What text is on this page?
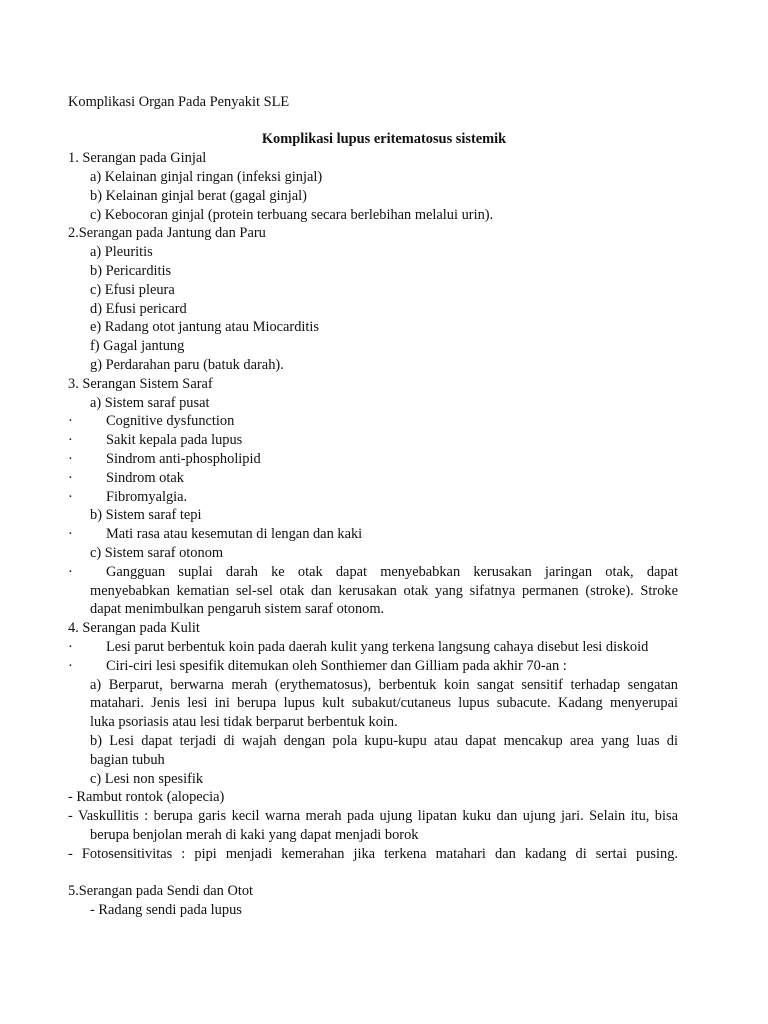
Komplikasi Organ Pada Penyakit SLE
Komplikasi lupus eritematosus sistemik
1. Serangan pada Ginjal
a) Kelainan ginjal ringan (infeksi ginjal)
b) Kelainan ginjal berat (gagal ginjal)
c) Kebocoran ginjal (protein terbuang secara berlebihan melalui urin).
2.Serangan pada Jantung dan Paru
a) Pleuritis
b) Pericarditis
c) Efusi pleura
d) Efusi pericard
e) Radang otot jantung atau Miocarditis
f) Gagal jantung
g) Perdarahan paru (batuk darah).
3. Serangan Sistem Saraf
a) Sistem saraf pusat
· Cognitive dysfunction
· Sakit kepala pada lupus
· Sindrom anti-phospholipid
· Sindrom otak
· Fibromyalgia.
b) Sistem saraf tepi
· Mati rasa atau kesemutan di lengan dan kaki
c) Sistem saraf otonom
· Gangguan suplai darah ke otak dapat menyebabkan kerusakan jaringan otak, dapat
menyebabkan kematian sel-sel otak dan kerusakan otak yang sifatnya permanen (stroke). Stroke
dapat menimbulkan pengaruh sistem saraf otonom.
4. Serangan pada Kulit
· Lesi parut berbentuk koin pada daerah kulit yang terkena langsung cahaya disebut lesi diskoid
· Ciri-ciri lesi spesifik ditemukan oleh Sonthiemer dan Gilliam pada akhir 70-an :
a) Berparut, berwarna merah (erythematosus), berbentuk koin sangat sensitif terhadap sengatan
matahari. Jenis lesi ini berupa lupus kult subakut/cutaneus lupus subacute. Kadang menyerupai
luka psoriasis atau lesi tidak berparut berbentuk koin.
b) Lesi dapat terjadi di wajah dengan pola kupu-kupu atau dapat mencakup area yang luas di
bagian tubuh
c) Lesi non spesifik
- Rambut rontok (alopecia)
- Vaskullitis : berupa garis kecil warna merah pada ujung lipatan kuku dan ujung jari. Selain itu, bisa
berupa benjolan merah di kaki yang dapat menjadi borok
- Fotosensitivitas : pipi menjadi kemerahan jika terkena matahari dan kadang di sertai pusing.
5.Serangan pada Sendi dan Otot
- Radang sendi pada lupus
